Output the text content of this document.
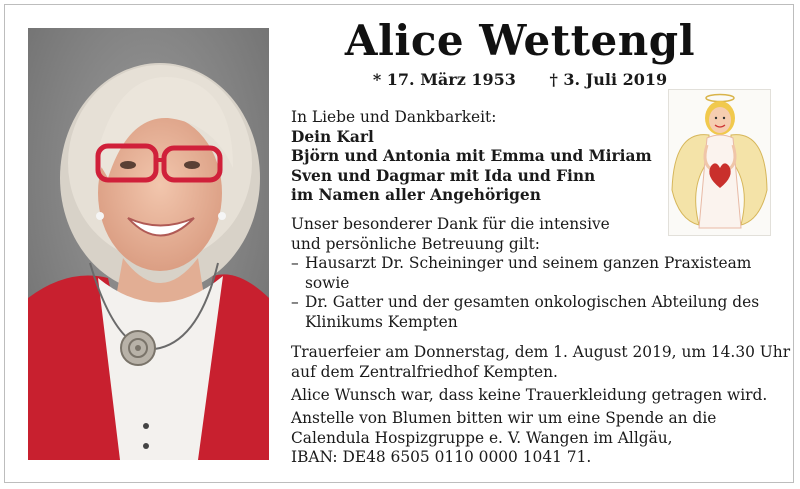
Alice Wettengl
* 17. März 1953 † 3. Juli 2019

In Liebe und Dankbarkeit:

Dein Karl

Björn und Antonia mit Emma und Miriam

Sven und Dagmar mit Ida und Finn

im Namen aller Angehörigen

Unser besonderer Dank für die intensive

und persönliche Betreuung gilt:

– Hausarzt Dr. Scheininger und seinem ganzen Praxisteam
sowie
– Dr. Gatter und der gesamten onkologischen Abteilung des
Klinikums Kempten

Trauerfeier am Donnerstag, dem 1. August 2019, um 14.30 Uhr

auf dem Zentralfriedhof Kempten.

Alice Wunsch war, dass keine Trauerkleidung getragen wird.

Anstelle von Blumen bitten wir um eine Spende an die

Calendula Hospizgruppe e. V. Wangen im Allgäu,

IBAN: DE48 6505 0110 0000 1041 71.
